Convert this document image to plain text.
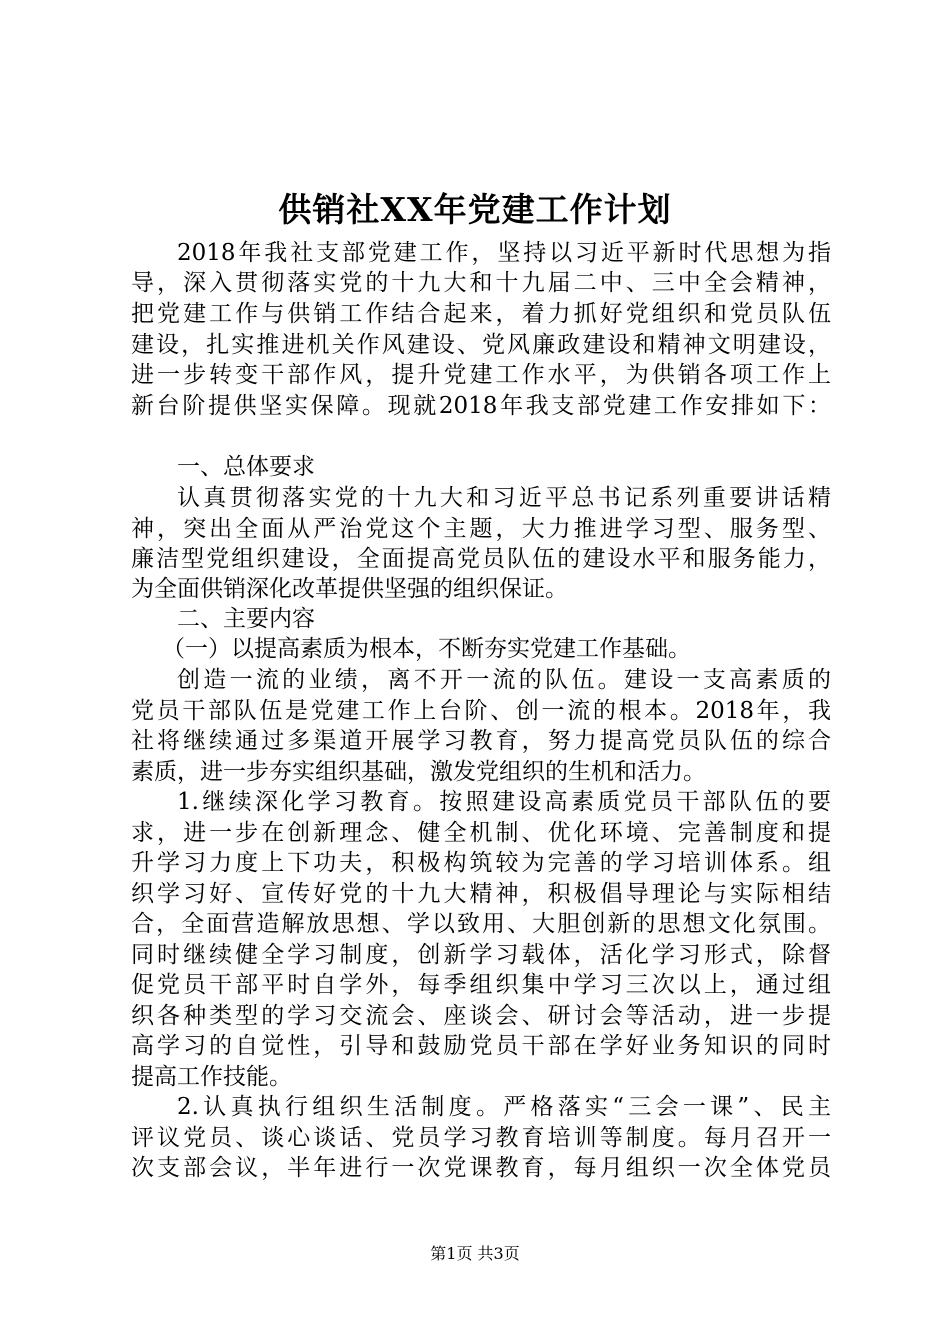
供销社XX年党建工作计划

2018年我社支部党建工作，坚持以习近平新时代思想为指

导，深入贯彻落实党的十九大和十九届二中、三中全会精神，

把党建工作与供销工作结合起来，着力抓好党组织和党员队伍

建设，扎实推进机关作风建设、党风廉政建设和精神文明建设，

进一步转变干部作风，提升党建工作水平，为供销各项工作上

新台阶提供坚实保障。现就2018年我支部党建工作安排如下：

一、总体要求

认真贯彻落实党的十九大和习近平总书记系列重要讲话精

神，突出全面从严治党这个主题，大力推进学习型、服务型、

廉洁型党组织建设，全面提高党员队伍的建设水平和服务能力，

为全面供销深化改革提供坚强的组织保证。

二、主要内容

（一）以提高素质为根本，不断夯实党建工作基础。

创造一流的业绩，离不开一流的队伍。建设一支高素质的

党员干部队伍是党建工作上台阶、创一流的根本。2018年，我

社将继续通过多渠道开展学习教育，努力提高党员队伍的综合

素质，进一步夯实组织基础，激发党组织的生机和活力。

1.继续深化学习教育。按照建设高素质党员干部队伍的要

求，进一步在创新理念、健全机制、优化环境、完善制度和提

升学习力度上下功夫，积极构筑较为完善的学习培训体系。组

织学习好、宣传好党的十九大精神，积极倡导理论与实际相结

合，全面营造解放思想、学以致用、大胆创新的思想文化氛围。

同时继续健全学习制度，创新学习载体，活化学习形式，除督

促党员干部平时自学外，每季组织集中学习三次以上，通过组

织各种类型的学习交流会、座谈会、研讨会等活动，进一步提

高学习的自觉性，引导和鼓励党员干部在学好业务知识的同时

提高工作技能。

2.认真执行组织生活制度。严格落实“三会一课”、民主

评议党员、谈心谈话、党员学习教育培训等制度。每月召开一

次支部会议，半年进行一次党课教育，每月组织一次全体党员

第1页 共3页
